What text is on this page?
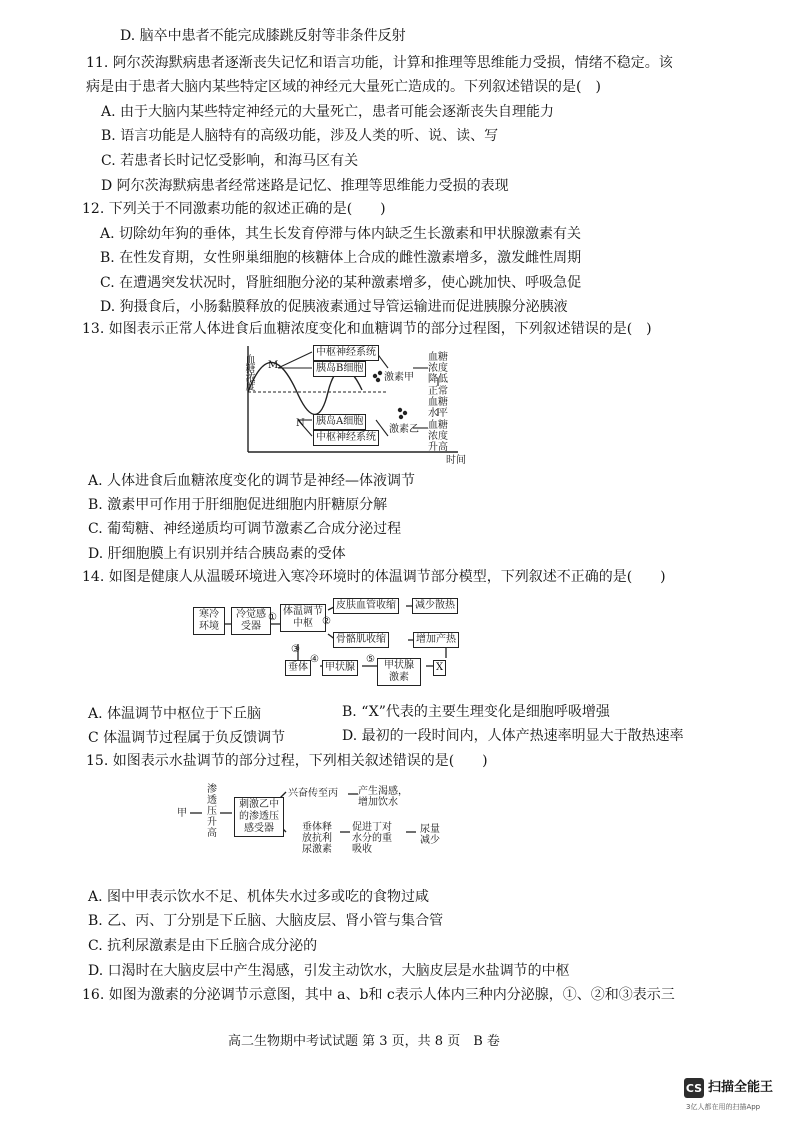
D. 脑卒中患者不能完成膝跳反射等非条件反射
11. 阿尔茨海默病患者逐渐丧失记忆和语言功能，计算和推理等思维能力受损，情绪不稳定。该
病是由于患者大脑内某些特定区域的神经元大量死亡造成的。下列叙述错误的是(　)
A. 由于大脑内某些特定神经元的大量死亡，患者可能会逐渐丧失自理能力
B. 语言功能是人脑特有的高级功能，涉及人类的听、说、读、写
C. 若患者长时记忆受影响，和海马区有关
D 阿尔茨海默病患者经常迷路是记忆、推理等思维能力受损的表现
12. 下列关于不同激素功能的叙述正确的是(　　)
A. 切除幼年狗的垂体，其生长发育停滞与体内缺乏生长激素和甲状腺激素有关
B. 在性发育期，女性卵巢细胞的核糖体上合成的雌性激素增多，激发雌性周期
C. 在遭遇突发状况时，肾脏细胞分泌的某种激素增多，使心跳加快、呼吸急促
D. 狗摄食后，小肠黏膜释放的促胰液素通过导管运输进而促进胰腺分泌胰液
13. 如图表示正常人体进食后血糖浓度变化和血糖调节的部分过程图，下列叙述错误的是(　)
血糖浓度
时间
M
N
中枢神经系统
胰岛B细胞
胰岛A细胞
中枢神经系统
激素甲
激素乙
血糖浓度降低
正常血糖水平
血糖浓度升高
A. 人体进食后血糖浓度变化的调节是神经—体液调节
B. 激素甲可作用于肝细胞促进细胞内肝糖原分解
C. 葡萄糖、神经递质均可调节激素乙合成分泌过程
D. 肝细胞膜上有识别并结合胰岛素的受体
14. 如图是健康人从温暖环境进入寒冷环境时的体温调节部分模型，下列叙述不正确的是(　　)
寒冷环境
冷觉感受器
体温调节中枢
皮肤血管收缩	减少散热
骨骼肌收缩	增加产热
垂体	甲状腺	甲状腺激素
X
①	②
③
④	⑤
A. 体温调节中枢位于下丘脑	B. “X”代表的主要生理变化是细胞呼吸增强
C 体温调节过程属于负反馈调节	D. 最初的一段时间内，人体产热速率明显大于散热速率
15. 如图表示水盐调节的部分过程，下列相关叙述错误的是(　　)
甲
渗透压升高
刺激乙中的渗透压感受器
兴奋传至丙 产生渴感，增加饮水
垂体释放抗利尿激素
促进丁对水分的重吸收
尿量减少
A. 图中甲表示饮水不足、机体失水过多或吃的食物过咸
B. 乙、丙、丁分别是下丘脑、大脑皮层、肾小管与集合管
C. 抗利尿激素是由下丘脑合成分泌的
D. 口渴时在大脑皮层中产生渴感，引发主动饮水，大脑皮层是水盐调节的中枢
16. 如图为激素的分泌调节示意图，其中 a、b和 c表示人体内三种内分泌腺，①、②和③表示三
高二生物期中考试试题 第 3 页，共 8 页　B 卷
CS 扫描全能王
3亿人都在用的扫描App
